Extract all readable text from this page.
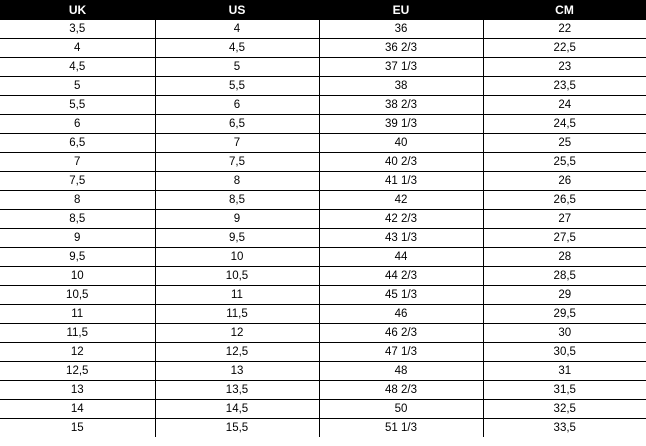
UK	US	EU	CM
3,5	4	36	22
4	4,5	36 2/3	22,5
4,5	5	37 1/3	23
5	5,5	38	23,5
5,5	6	38 2/3	24
6	6,5	39 1/3	24,5
6,5	7	40	25
7	7,5	40 2/3	25,5
7,5	8	41 1/3	26
8	8,5	42	26,5
8,5	9	42 2/3	27
9	9,5	43 1/3	27,5
9,5	10	44	28
10	10,5	44 2/3	28,5
10,5	11	45 1/3	29
11	11,5	46	29,5
11,5	12	46 2/3	30
12	12,5	47 1/3	30,5
12,5	13	48	31
13	13,5	48 2/3	31,5
14	14,5	50	32,5
15	15,5	51 1/3	33,5
